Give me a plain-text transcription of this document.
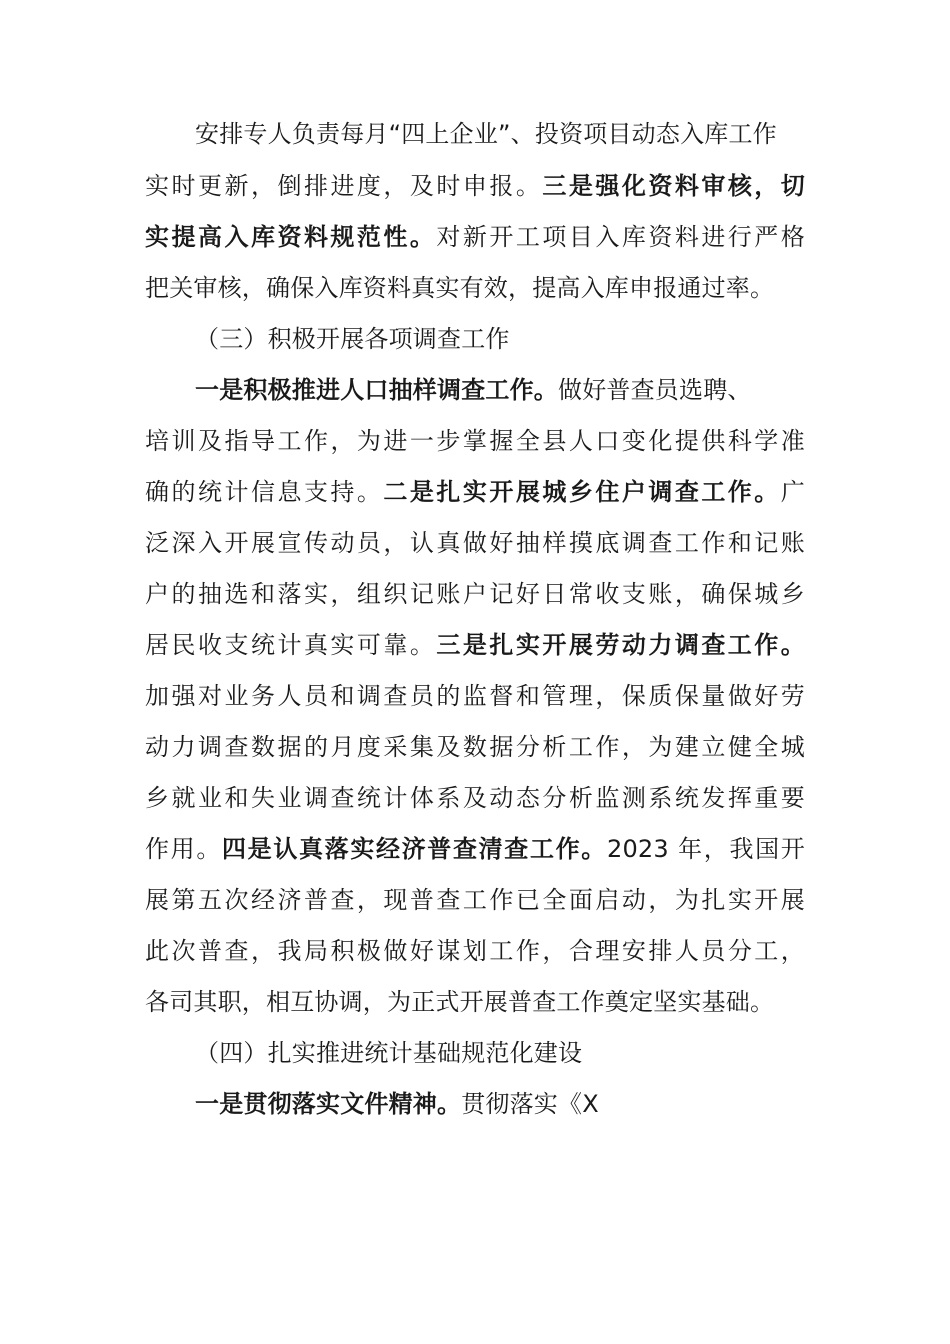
安排专人负责每月“四上企业”、投资项目动态入库工作
实时更新，倒排进度，及时申报。三是强化资料审核，切
实提高入库资料规范性。对新开工项目入库资料进行严格
把关审核，确保入库资料真实有效，提高入库申报通过率。
（三）积极开展各项调查工作
一是积极推进人口抽样调查工作。做好普查员选聘、
培训及指导工作，为进一步掌握全县人口变化提供科学准
确的统计信息支持。二是扎实开展城乡住户调查工作。广
泛深入开展宣传动员，认真做好抽样摸底调查工作和记账
户的抽选和落实，组织记账户记好日常收支账，确保城乡
居民收支统计真实可靠。三是扎实开展劳动力调查工作。
加强对业务人员和调查员的监督和管理，保质保量做好劳
动力调查数据的月度采集及数据分析工作，为建立健全城
乡就业和失业调查统计体系及动态分析监测系统发挥重要
作用。四是认真落实经济普查清查工作。2023 年，我国开
展第五次经济普查，现普查工作已全面启动，为扎实开展
此次普查，我局积极做好谋划工作，合理安排人员分工，
各司其职，相互协调，为正式开展普查工作奠定坚实基础。
（四）扎实推进统计基础规范化建设
一是贯彻落实文件精神。贯彻落实《X
